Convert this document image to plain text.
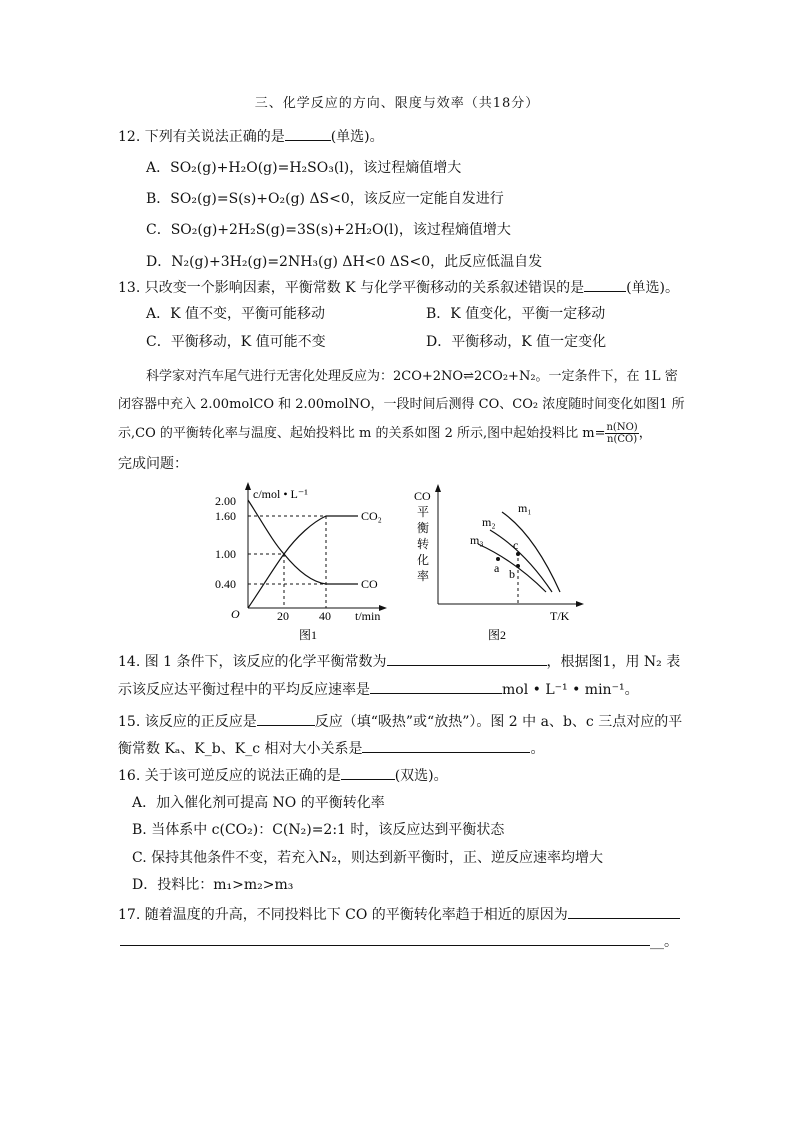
三、化学反应的方向、限度与效率（共18分）
12. 下列有关说法正确的是	(单选)。
A．SO₂(g)+H₂O(g)=H₂SO₃(l)，该过程熵值增大
B．SO₂(g)=S(s)+O₂(g) ΔS<0，该反应一定能自发进行
C．SO₂(g)+2H₂S(g)=3S(s)+2H₂O(l)，该过程熵值增大
D．N₂(g)+3H₂(g)=2NH₃(g) ΔH<0 ΔS<0，此反应低温自发
13. 只改变一个影响因素，平衡常数 K 与化学平衡移动的关系叙述错误的是	(单选)。
A．K 值不变，平衡可能移动	B．K 值变化，平衡一定移动
C．平衡移动，K 值可能不变	D．平衡移动，K 值一定变化
科学家对汽车尾气进行无害化处理反应为：2CO+2NO⇌2CO₂+N₂。一定条件下，在 1L 密
闭容器中充入 2.00molCO 和 2.00molNO，一段时间后测得 CO、CO₂ 浓度随时间变化如图1 所
示,CO 的平衡转化率与温度、起始投料比 m 的关系如图 2 所示,图中起始投料比 $m= \frac{n(NO)}{n(CO)}$ ，
完成问题：
2.00
1.60
1.00
0.40
20	40
O
c/mol • L⁻¹
t/min
CO₂
CO
图1
CO
平
衡
转
化
率
m₁
m₂
m₃
a b
c
T/K
图2
14. 图 1 条件下，该反应的化学平衡常数为	，根据图1，用 N₂ 表
示该反应达平衡过程中的平均反应速率是	mol • L⁻¹ • min⁻¹。
15. 该反应的正反应是	反应（填“吸热”或“放热”）。图 2 中 a、b、c 三点对应的平
衡常数 Kₐ、K_b、K_c 相对大小关系是	。
16. 关于该可逆反应的说法正确的是	(双选)。
A．加入催化剂可提高 NO 的平衡转化率
B. 当体系中 c(CO₂)：C(N₂)=2:1 时，该反应达到平衡状态
C. 保持其他条件不变，若充入N₂，则达到新平衡时，正、逆反应速率均增大
D．投料比：m₁>m₂>m₃
17. 随着温度的升高，不同投料比下 CO 的平衡转化率趋于相近的原因为
__。
